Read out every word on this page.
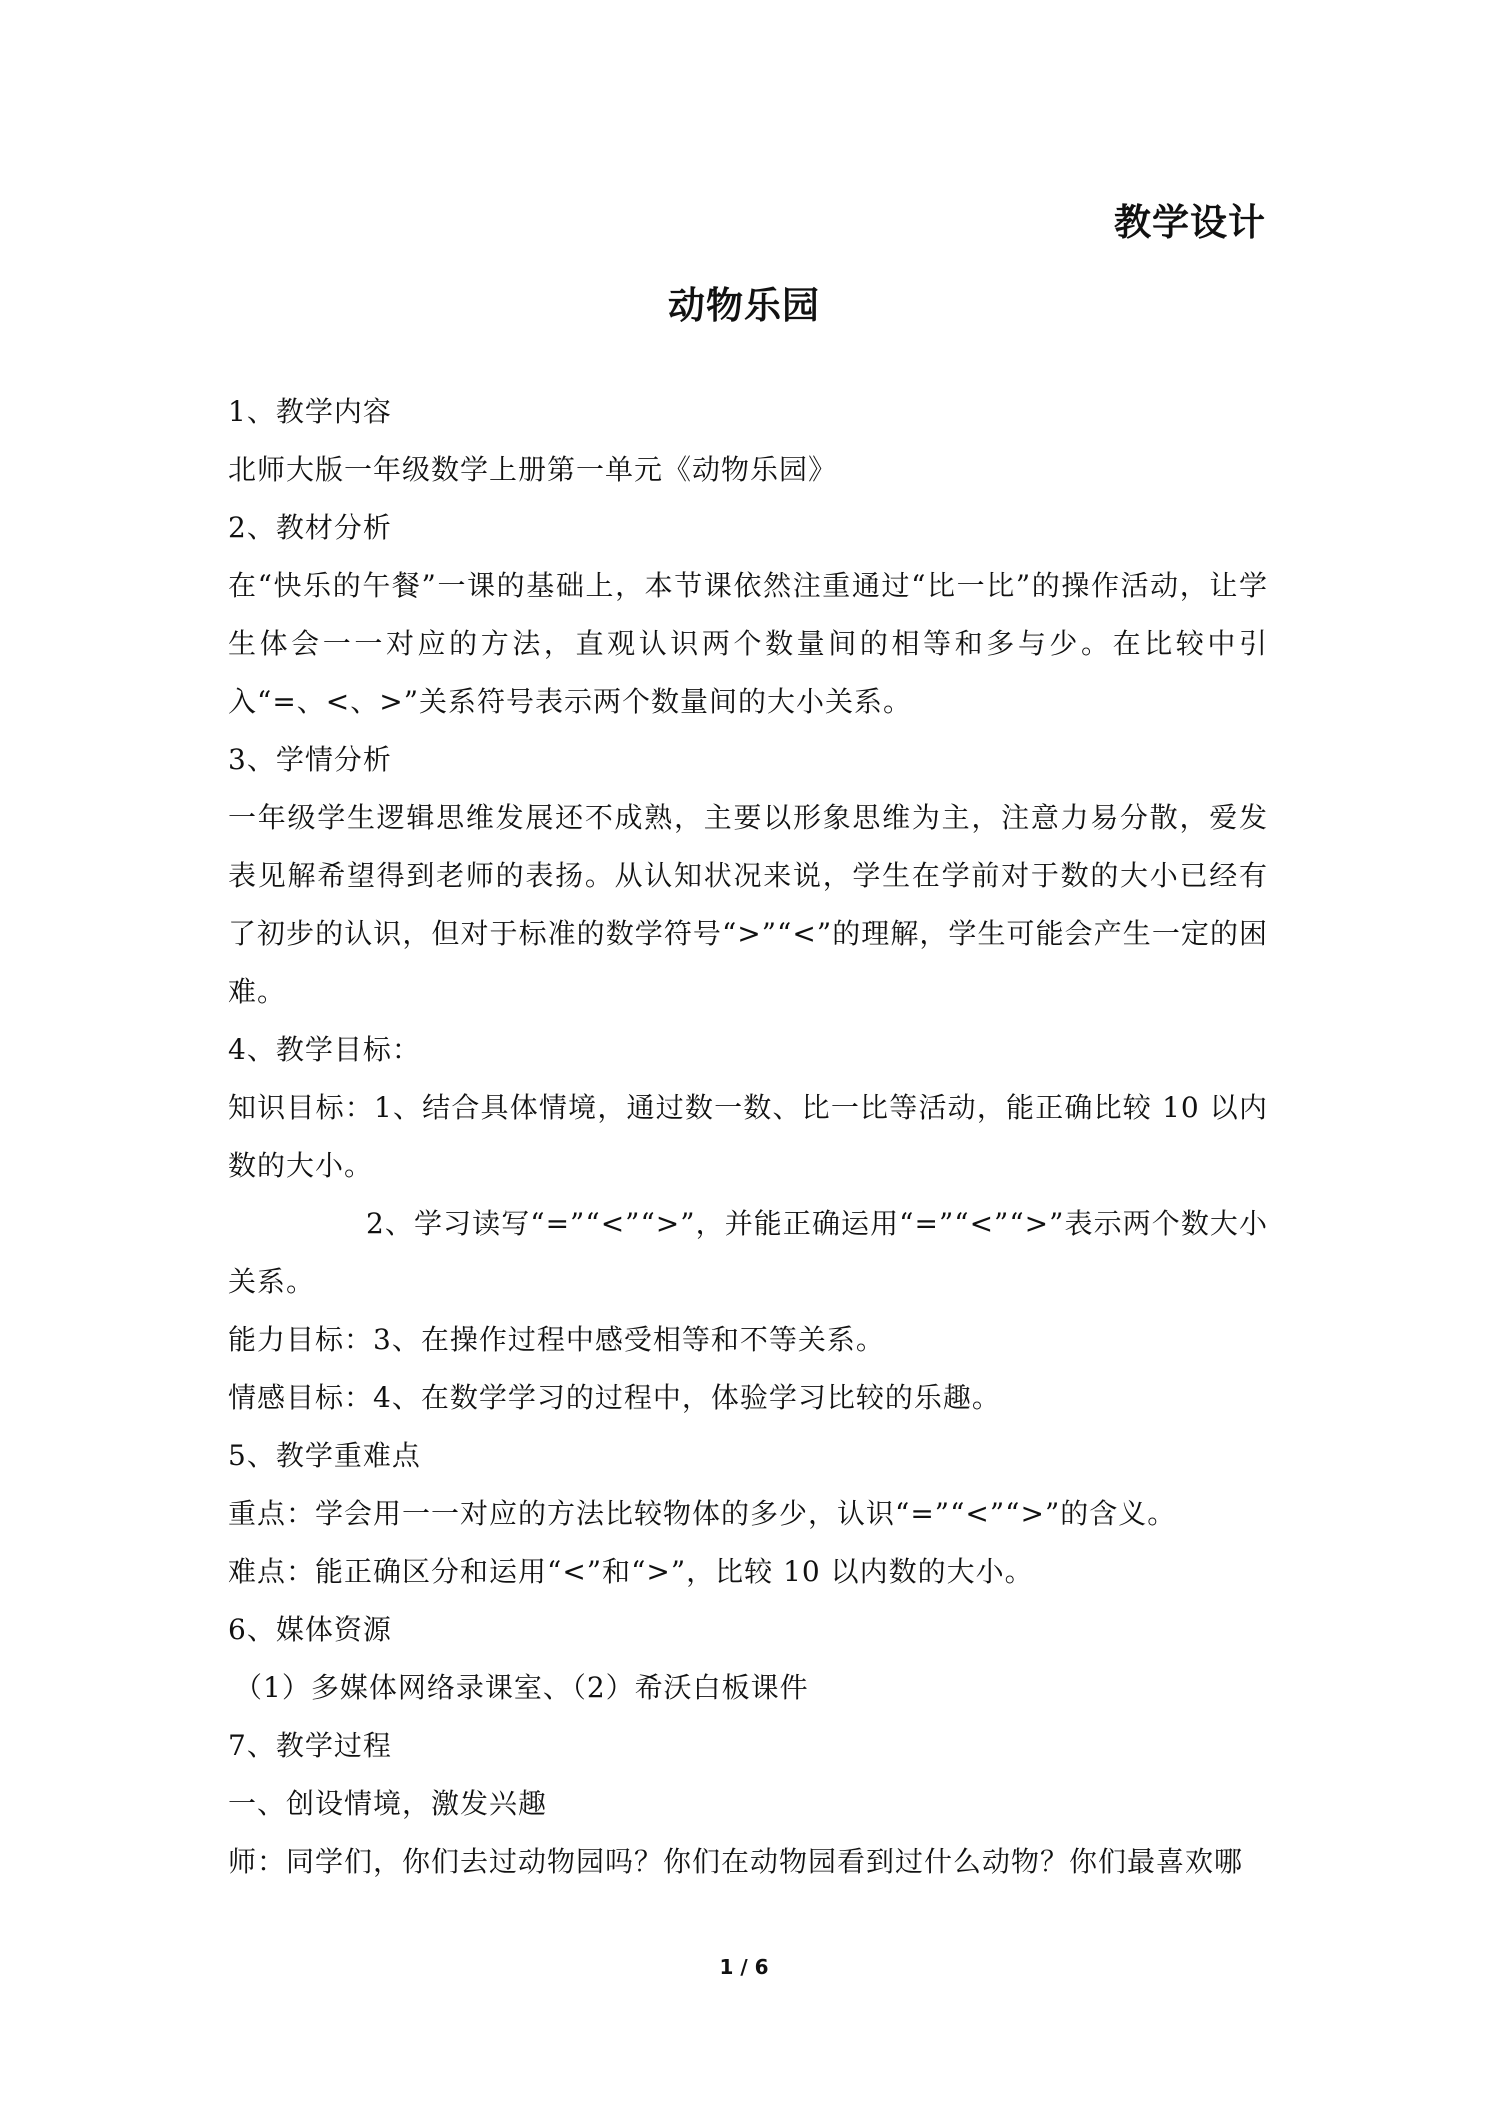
教学设计
动物乐园

1、教学内容

北师大版一年级数学上册第一单元《动物乐园》

2、教材分析

在“快乐的午餐”一课的基础上，本节课依然注重通过“比一比”的操作活动，让学生体会一一对应的方法，直观认识两个数量间的相等和多与少。在比较中引入“=、<、>”关系符号表示两个数量间的大小关系。

3、学情分析

一年级学生逻辑思维发展还不成熟，主要以形象思维为主，注意力易分散，爱发表见解希望得到老师的表扬。从认知状况来说，学生在学前对于数的大小已经有了初步的认识，但对于标准的数学符号“>”“<”的理解，学生可能会产生一定的困难。

4、教学目标：

知识目标：1、结合具体情境，通过数一数、比一比等活动，能正确比较 10 以内数的大小。

2、学习读写“=”“<”“>”，并能正确运用“=”“<”“>”表示两个数大小关系。

能力目标：3、在操作过程中感受相等和不等关系。

情感目标：4、在数学学习的过程中，体验学习比较的乐趣。

5、教学重难点

重点：学会用一一对应的方法比较物体的多少，认识“=”“<”“>”的含义。

难点：能正确区分和运用“<”和“>”，比较 10 以内数的大小。

6、媒体资源

（1）多媒体网络录课室、（2）希沃白板课件

7、教学过程

一、创设情境，激发兴趣

师：同学们，你们去过动物园吗？你们在动物园看到过什么动物？你们最喜欢哪

1 / 6
